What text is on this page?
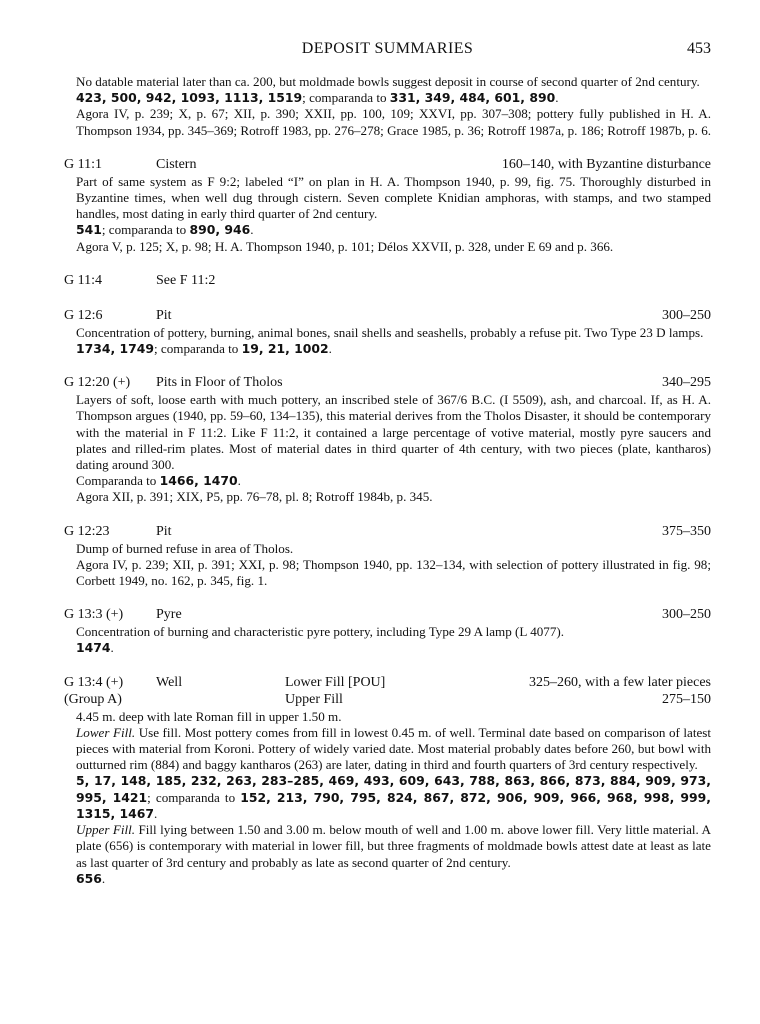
DEPOSIT SUMMARIES	453

No datable material later than ca. 200, but moldmade bowls suggest deposit in course of second quarter of 2nd century.

423, 500, 942, 1093, 1113, 1519; comparanda to 331, 349, 484, 601, 890.

Agora IV, p. 239; X, p. 67; XII, p. 390; XXII, pp. 100, 109; XXVI, pp. 307–308; pottery fully published in H. A. Thompson 1934, pp. 345–369; Rotroff 1983, pp. 276–278; Grace 1985, p. 36; Rotroff 1987a, p. 186; Rotroff 1987b, p. 6.

G 11:1	Cistern	160–140, with Byzantine disturbance

Part of same system as F 9:2; labeled “I” on plan in H. A. Thompson 1940, p. 99, fig. 75. Thoroughly disturbed in Byzantine times, when well dug through cistern. Seven complete Knidian amphoras, with stamps, and two stamped handles, most dating in early third quarter of 2nd century.

541; comparanda to 890, 946.

Agora V, p. 125; X, p. 98; H. A. Thompson 1940, p. 101; Délos XXVII, p. 328, under E 69 and p. 366.

G 11:4	See F 11:2
G 12:6	Pit	300–250

Concentration of pottery, burning, animal bones, snail shells and seashells, probably a refuse pit. Two Type 23 D lamps.

1734, 1749; comparanda to 19, 21, 1002.

G 12:20 (+) Pits in Floor of Tholos	340–295

Layers of soft, loose earth with much pottery, an inscribed stele of 367/6 B.C. (I 5509), ash, and charcoal. If, as H. A. Thompson argues (1940, pp. 59–60, 134–135), this material derives from the Tholos Disaster, it should be contemporary with the material in F 11:2. Like F 11:2, it contained a large percentage of votive material, mostly pyre saucers and plates and rilled-rim plates. Most of material dates in third quarter of 4th century, with two pieces (plate, kantharos) dating around 300.

Comparanda to 1466, 1470.

Agora XII, p. 391; XIX, P5, pp. 76–78, pl. 8; Rotroff 1984b, p. 345.

G 12:23	Pit	375–350

Dump of burned refuse in area of Tholos.

Agora IV, p. 239; XII, p. 391; XXI, p. 98; Thompson 1940, pp. 132–134, with selection of pottery illustrated in fig. 98; Corbett 1949, no. 162, p. 345, fig. 1.

G 13:3 (+) Pyre	300–250

Concentration of burning and characteristic pyre pottery, including Type 29 A lamp (L 4077).

1474.

G 13:4 (+) Well	Lower Fill [POU]	325–260, with a few later pieces
(Group A)	Upper Fill	275–150

4.45 m. deep with late Roman fill in upper 1.50 m.

Lower Fill. Use fill. Most pottery comes from fill in lowest 0.45 m. of well. Terminal date based on comparison of latest pieces with material from Koroni. Pottery of widely varied date. Most material probably dates before 260, but bowl with outturned rim (884) and baggy kantharos (263) are later, dating in third and fourth quarters of 3rd century respectively.

5, 17, 148, 185, 232, 263, 283–285, 469, 493, 609, 643, 788, 863, 866, 873, 884, 909, 973, 995, 1421; comparanda to 152, 213, 790, 795, 824, 867, 872, 906, 909, 966, 968, 998, 999, 1315, 1467.

Upper Fill. Fill lying between 1.50 and 3.00 m. below mouth of well and 1.00 m. above lower fill. Very little material. A plate (656) is contemporary with material in lower fill, but three fragments of moldmade bowls attest date at least as late as last quarter of 3rd century and probably as late as second quarter of 2nd century.

656.
